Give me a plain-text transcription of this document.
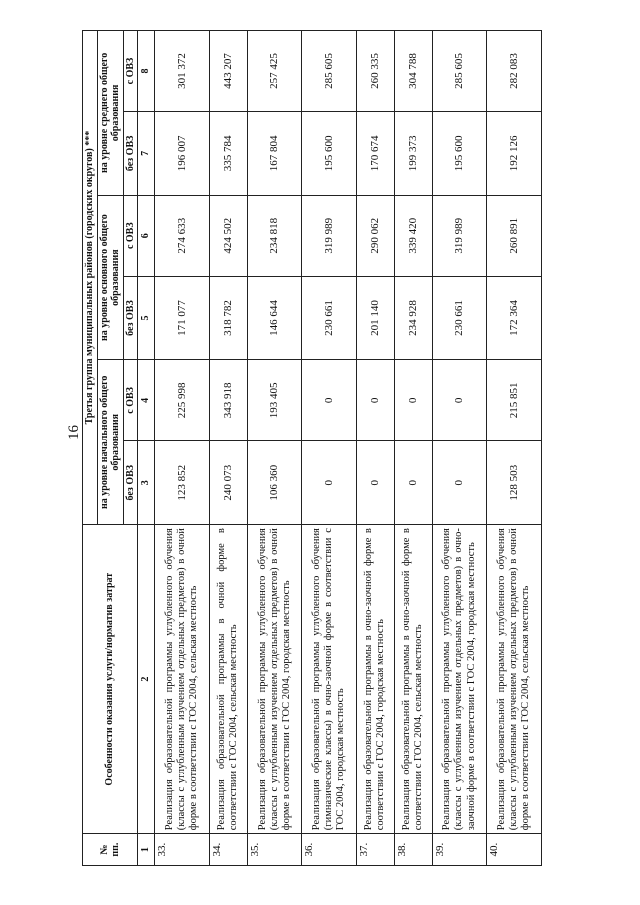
16
№ пп.	Особенности оказания услуги/норматив затрат	Третья группа муниципальных районов (городских округов) ***					
		на уровне начального общего образования		на уровне основного общего образования		на уровне среднего общего образования	
		без ОВЗ	с ОВЗ	без ОВЗ	с ОВЗ	без ОВЗ	с ОВЗ
1	2	3	4	5	6	7	8
33.	Реализация образовательной программы углубленного обучения (классы с углубленным изучением отдельных предметов) в очной форме в соответствии с ГОС 2004, сельская местность	123 852	225 998	171 077	274 633	196 007	301 372
34.	Реализация образовательной программы в очной форме в соответствии с ГОС 2004, сельская местность	240 073	343 918	318 782	424 502	335 784	443 207
35.	Реализация образовательной программы углубленного обучения (классы с углубленным изучением отдельных предметов) в очной форме в соответствии с ГОС 2004, городская местность	106 360	193 405	146 644	234 818	167 804	257 425
36.	Реализация образовательной программы углубленного обучения (гимназические классы) в очно-заочной форме в соответствии с ГОС 2004, городская местность	0	0	230 661	319 989	195 600	285 605
37.	Реализация образовательной программы в очно-заочной форме в соответствии с ГОС 2004, городская местность	0	0	201 140	290 062	170 674	260 335
38.	Реализация образовательной программы в очно-заочной форме в соответствии с ГОС 2004, сельская местность	0	0	234 928	339 420	199 373	304 788
39.	Реализация образовательной программы углубленного обучения (классы с углубленным изучением отдельных предметов) в очно-заочной форме в соответствии с ГОС 2004, городская местность	0	0	230 661	319 989	195 600	285 605
40.	Реализация образовательной программы углубленного обучения (классы с углубленным изучением отдельных предметов) в очной форме в соответствии с ГОС 2004, сельская местность	128 503	215 851	172 364	260 891	192 126	282 083
